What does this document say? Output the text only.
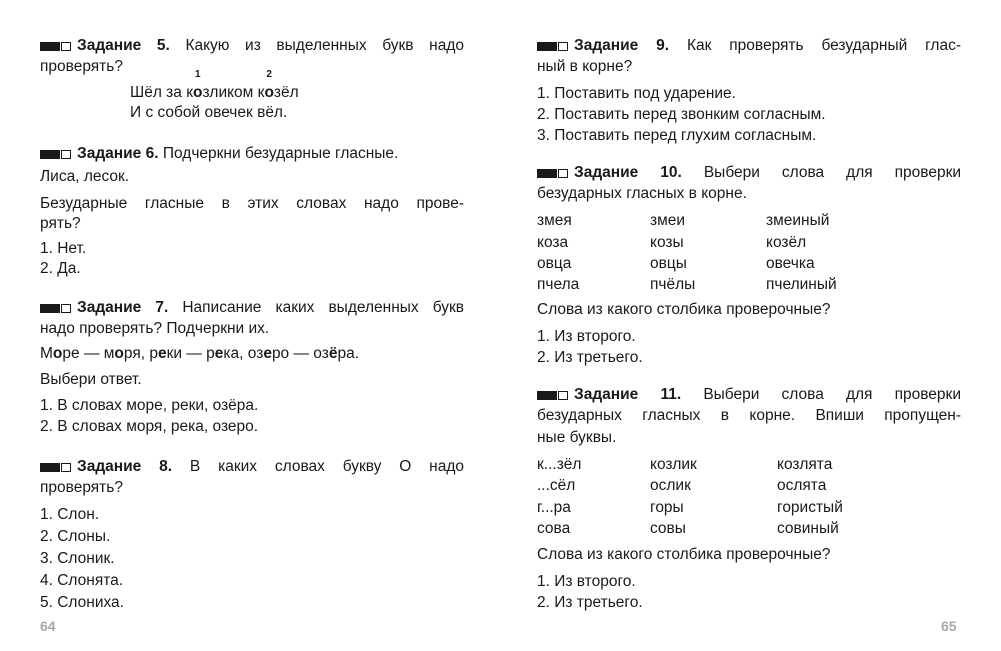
Задание 5. Какую из выделенных букв надо
проверять?
Шёл за ко
1
зликом ко
2
зёл
И с собой овечек вёл.
Задание 6. Подчеркни безударные гласные.
Лиса, лесок.
Безударные гласные в этих словах надо прове-
рять?
1. Нет.
2. Да.
Задание 7. Написание каких выделенных букв
надо проверять? Подчеркни их.
Море — моря, реки — река, озеро — озёра.
Выбери ответ.
1. В словах море, реки, озёра.
2. В словах моря, река, озеро.
Задание 8. В каких словах букву О надо
проверять?
1. Слон.
2. Слоны.
3. Слоник.
4. Слонята.
5. Слониха.
64
Задание 9. Как проверять безударный глас-
ный в корне?
1. Поставить под ударение.
2. Поставить перед звонким согласным.
3. Поставить перед глухим согласным.
Задание 10. Выбери слова для проверки
безударных гласных в корне.
змея	змеи	змеиный
коза	козы	козёл
овца	овцы	овечка
пчела	пчёлы	пчелиный
Слова из какого столбика проверочные?
1. Из второго.
2. Из третьего.
Задание 11. Выбери слова для проверки
безударных гласных в корне. Впиши пропущен-
ные буквы.
к...зёл	козлик	козлята
...сёл	ослик	ослята
г...ра	горы	гористый
сова	совы	совиный
Слова из какого столбика проверочные?
1. Из второго.
2. Из третьего.
65
